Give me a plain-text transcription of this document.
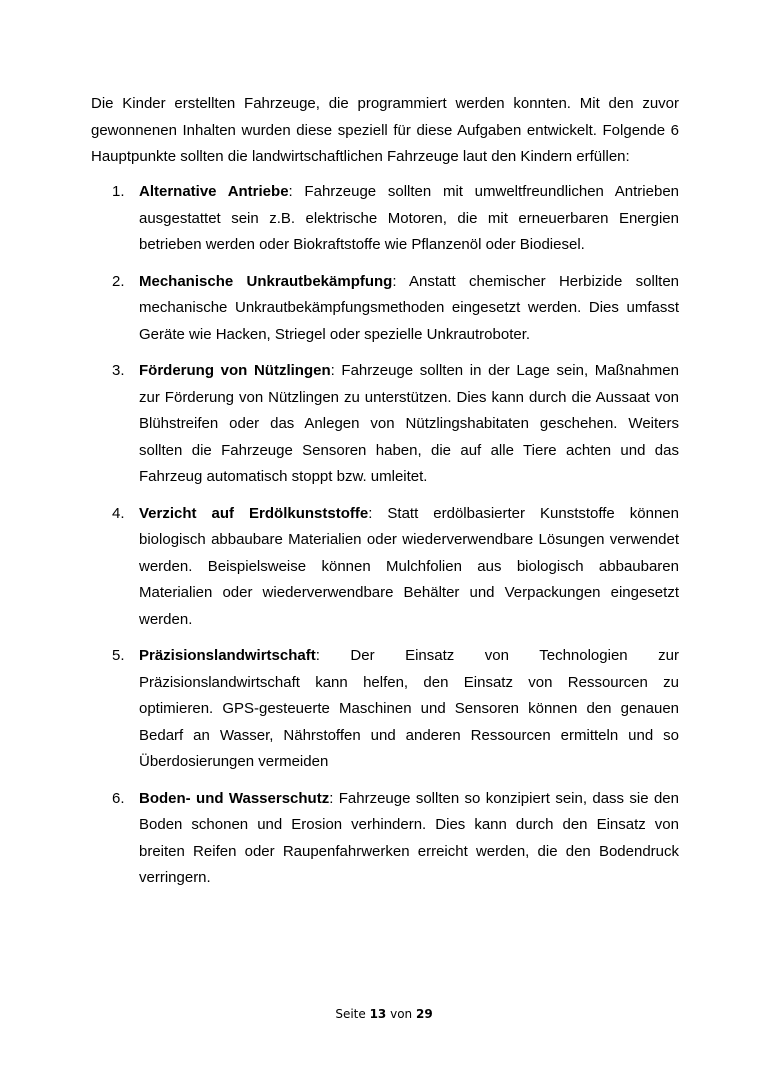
Die Kinder erstellten Fahrzeuge, die programmiert werden konnten. Mit den zuvor gewonnenen Inhalten wurden diese speziell für diese Aufgaben entwickelt. Folgende 6 Hauptpunkte sollten die landwirtschaftlichen Fahrzeuge laut den Kindern erfüllen:

1. Alternative Antriebe: Fahrzeuge sollten mit umweltfreundlichen Antrieben ausgestattet sein z.B. elektrische Motoren, die mit erneuerbaren Energien betrieben werden oder Biokraftstoffe wie Pflanzenöl oder Biodiesel.
2. Mechanische Unkrautbekämpfung: Anstatt chemischer Herbizide sollten mechanische Unkrautbekämpfungsmethoden eingesetzt werden. Dies umfasst Geräte wie Hacken, Striegel oder spezielle Unkrautroboter.
3. Förderung von Nützlingen: Fahrzeuge sollten in der Lage sein, Maßnahmen zur Förderung von Nützlingen zu unterstützen. Dies kann durch die Aussaat von Blühstreifen oder das Anlegen von Nützlingshabitaten geschehen. Weiters sollten die Fahrzeuge Sensoren haben, die auf alle Tiere achten und das Fahrzeug automatisch stoppt bzw. umleitet.
4. Verzicht auf Erdölkunststoffe: Statt erdölbasierter Kunststoffe können biologisch abbaubare Materialien oder wiederverwendbare Lösungen verwendet werden. Beispielsweise können Mulchfolien aus biologisch abbaubaren Materialien oder wiederverwendbare Behälter und Verpackungen eingesetzt werden.
5. Präzisionslandwirtschaft: Der Einsatz von Technologien zur Präzisionslandwirtschaft kann helfen, den Einsatz von Ressourcen zu optimieren. GPS-gesteuerte Maschinen und Sensoren können den genauen Bedarf an Wasser, Nährstoffen und anderen Ressourcen ermitteln und so Überdosierungen vermeiden
6. Boden- und Wasserschutz: Fahrzeuge sollten so konzipiert sein, dass sie den Boden schonen und Erosion verhindern. Dies kann durch den Einsatz von breiten Reifen oder Raupenfahrwerken erreicht werden, die den Bodendruck verringern.
Seite 13 von 29
